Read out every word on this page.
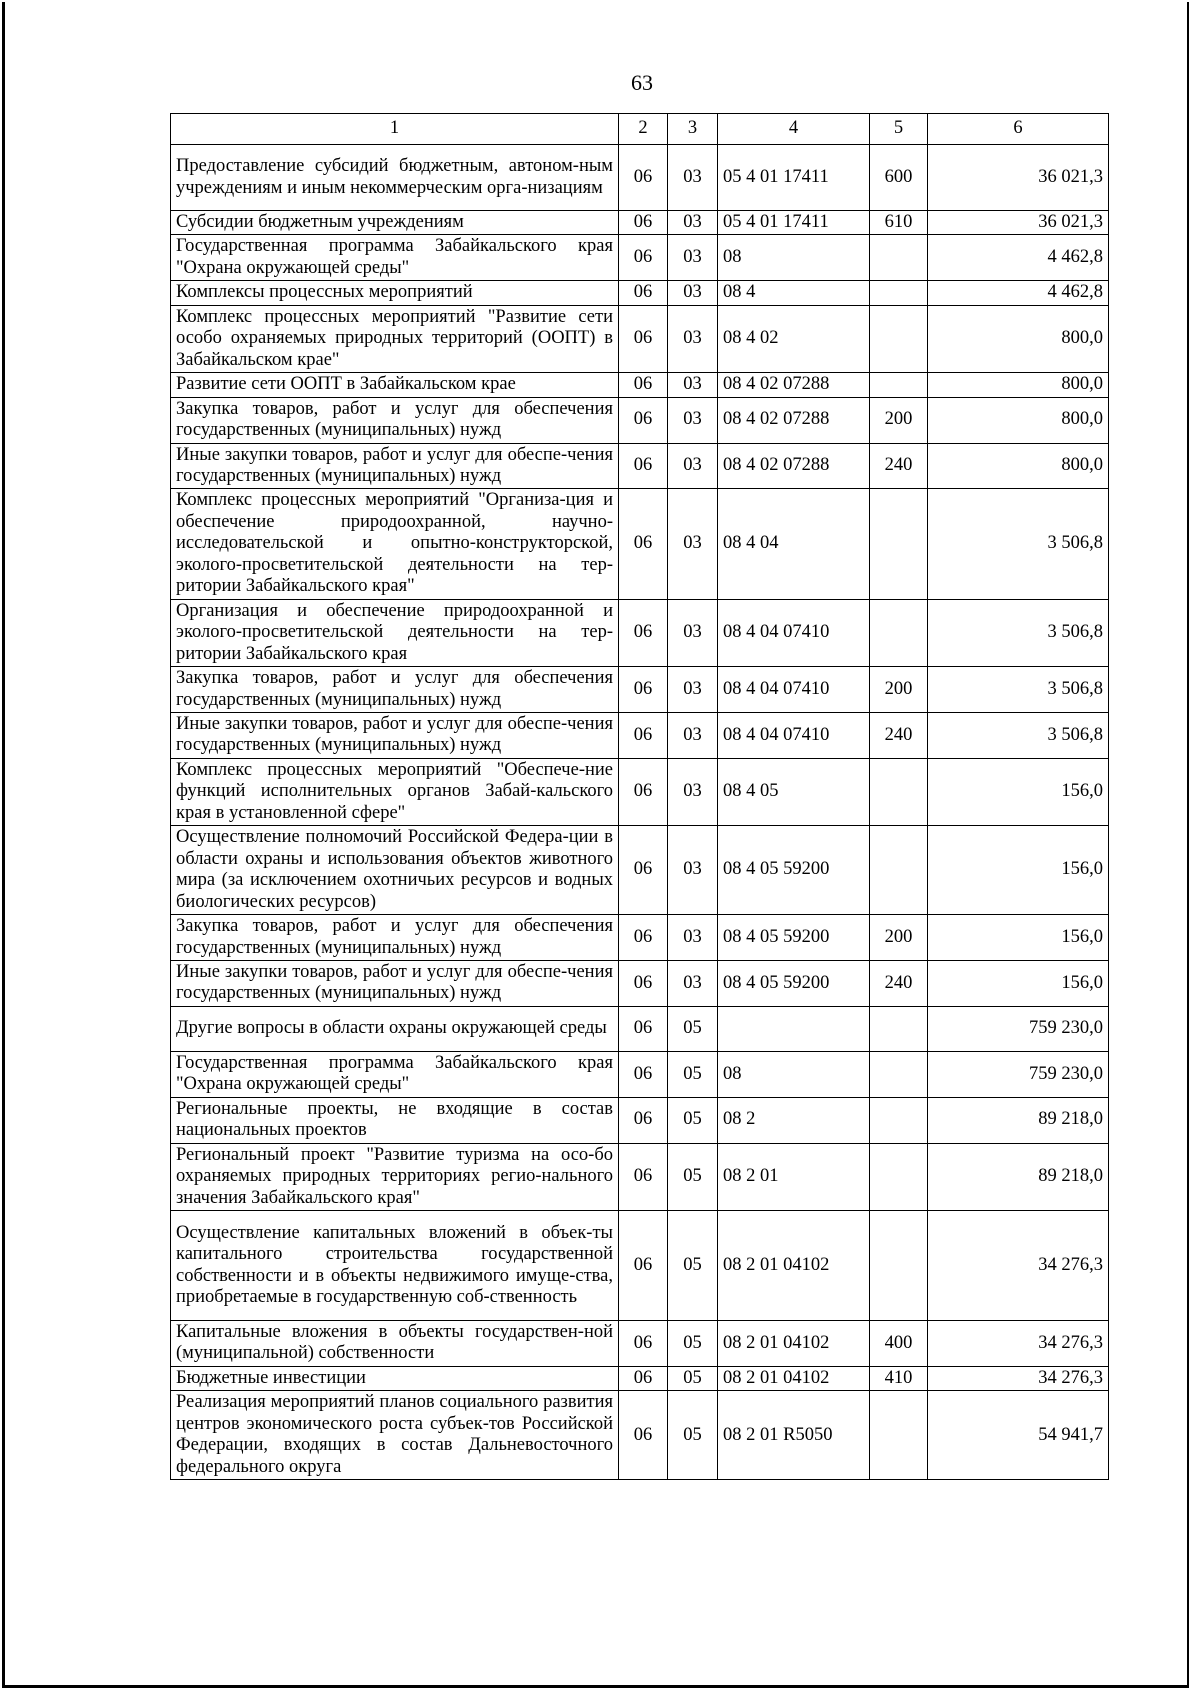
63
1	2	3	4	5	6
Предоставление субсидий бюджетным, автоном-ным учреждениям и иным некоммерческим орга-низациям	06	03	05 4 01 17411	600	36 021,3
Субсидии бюджетным учреждениям	06	03	05 4 01 17411	610	36 021,3
Государственная программа Забайкальского края "Охрана окружающей среды"	06	03	08		4 462,8
Комплексы процессных мероприятий	06	03	08 4		4 462,8
Комплекс процессных мероприятий "Развитие сети особо охраняемых природных территорий (ООПТ) в Забайкальском крае"	06	03	08 4 02		800,0
Развитие сети ООПТ в Забайкальском крае	06	03	08 4 02 07288		800,0
Закупка товаров, работ и услуг для обеспечения государственных (муниципальных) нужд	06	03	08 4 02 07288	200	800,0
Иные закупки товаров, работ и услуг для обеспе-чения государственных (муниципальных) нужд	06	03	08 4 02 07288	240	800,0
Комплекс процессных мероприятий "Организа-ция и обеспечение природоохранной, научно-исследовательской и опытно-конструкторской, эколого-просветительской деятельности на тер-ритории Забайкальского края"	06	03	08 4 04		3 506,8
Организация и обеспечение природоохранной и эколого-просветительской деятельности на тер-ритории Забайкальского края	06	03	08 4 04 07410		3 506,8
Закупка товаров, работ и услуг для обеспечения государственных (муниципальных) нужд	06	03	08 4 04 07410	200	3 506,8
Иные закупки товаров, работ и услуг для обеспе-чения государственных (муниципальных) нужд	06	03	08 4 04 07410	240	3 506,8
Комплекс процессных мероприятий "Обеспече-ние функций исполнительных органов Забай-кальского края в установленной сфере"	06	03	08 4 05		156,0
Осуществление полномочий Российской Федера-ции в области охраны и использования объектов животного мира (за исключением охотничьих ресурсов и водных биологических ресурсов)	06	03	08 4 05 59200		156,0
Закупка товаров, работ и услуг для обеспечения государственных (муниципальных) нужд	06	03	08 4 05 59200	200	156,0
Иные закупки товаров, работ и услуг для обеспе-чения государственных (муниципальных) нужд	06	03	08 4 05 59200	240	156,0
Другие вопросы в области охраны окружающей среды	06	05			759 230,0
Государственная программа Забайкальского края "Охрана окружающей среды"	06	05	08		759 230,0
Региональные проекты, не входящие в состав национальных проектов	06	05	08 2		89 218,0
Региональный проект "Развитие туризма на осо-бо охраняемых природных территориях регио-нального значения Забайкальского края"	06	05	08 2 01		89 218,0
Осуществление капитальных вложений в объек-ты капитального строительства государственной собственности и в объекты недвижимого имуще-ства, приобретаемые в государственную соб-ственность	06	05	08 2 01 04102		34 276,3
Капитальные вложения в объекты государствен-ной (муниципальной) собственности	06	05	08 2 01 04102	400	34 276,3
Бюджетные инвестиции	06	05	08 2 01 04102	410	34 276,3
Реализация мероприятий планов социального развития центров экономического роста субъек-тов Российской Федерации, входящих в состав Дальневосточного федерального округа	06	05	08 2 01 R5050		54 941,7
